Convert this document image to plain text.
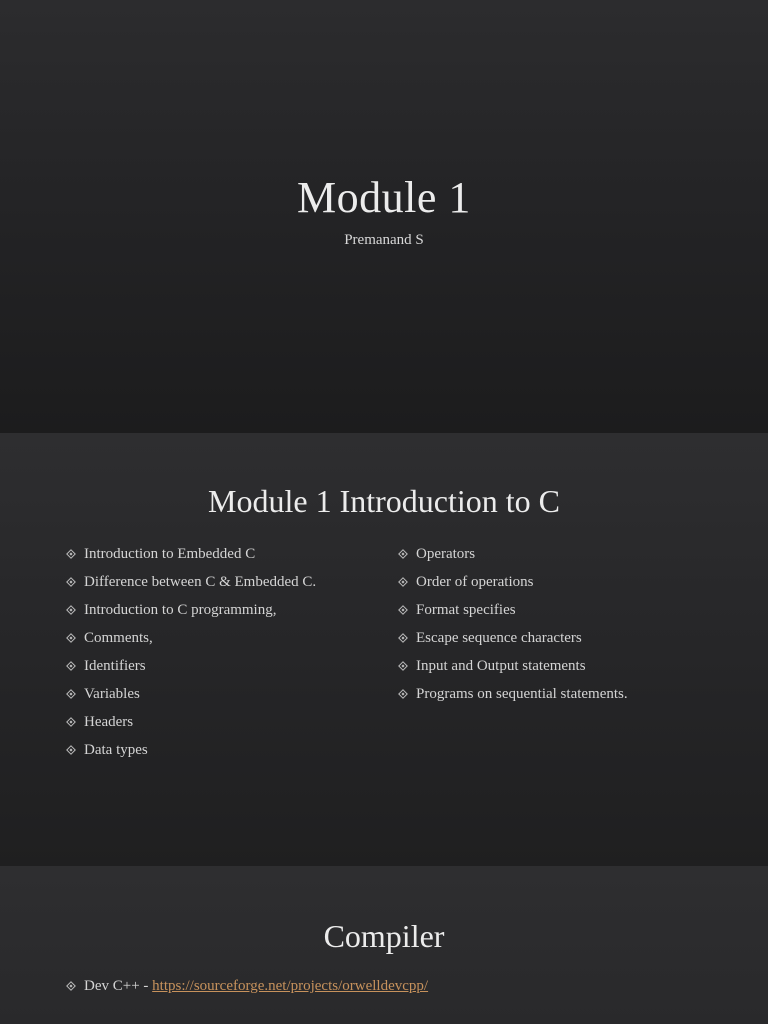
Module 1
Premanand S
Module 1 Introduction to C
Introduction to Embedded C
Difference between C & Embedded C.
Introduction to C programming,
Comments,
Identifiers
Variables
Headers
Data types
Operators
Order of operations
Format specifies
Escape sequence characters
Input and Output statements
Programs on sequential statements.
Compiler
Dev C++ - https://sourceforge.net/projects/orwelldevcpp/
